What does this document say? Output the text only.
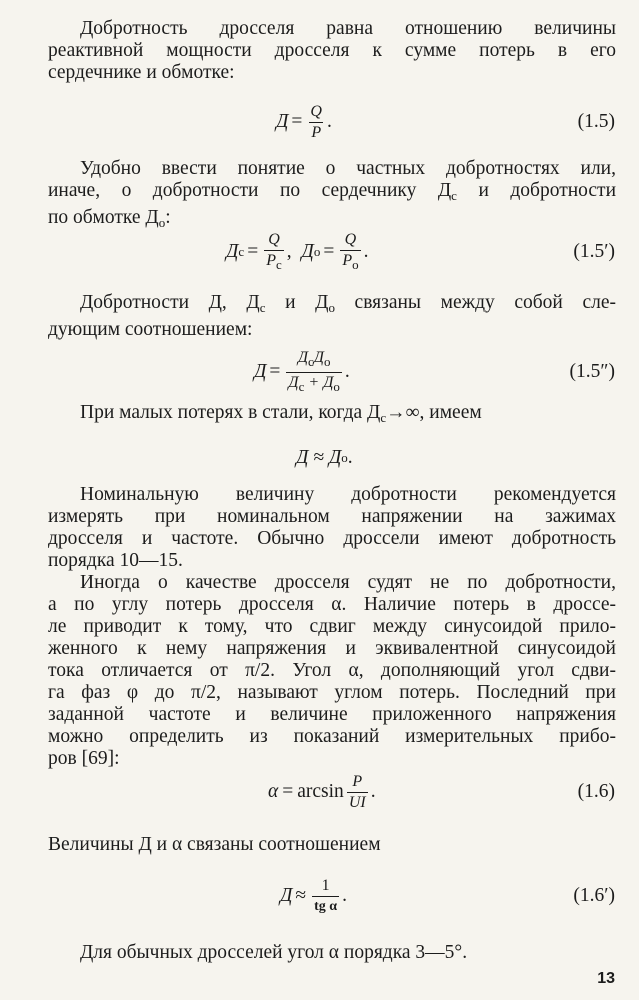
Добротность дросселя равна отношению величины
реактивной мощности дросселя к сумме потерь в его
сердечнике и обмотке:
$Д = \frac{Q}{P}$ .	(1.5)
Удобно ввести понятие о частных добротностях или,
иначе, о добротности по сердечнику $Д_с$ и добротности
по обмотке $Д_о$:
Д $с = \frac{Q}{P_с}$ , Д $о = \frac{Q}{P_о}$ .	(1.5′)
Добротности Д, $Д_с$ и $Д_о$ связаны между собой сле-
дующим соотношением:
$Д = \frac{Д_сД_о}{Д_с + Д_о}$ .	(1.5″)
При малых потерях в стали, когда $Д_с\to\infty$, имеем
Д ≈ Д о .
Номинальную величину добротности рекомендуется
измерять при номинальном напряжении на зажимах
дросселя и частоте. Обычно дроссели имеют добротность
порядка 10—15.
Иногда о качестве дросселя судят не по добротности,
а по углу потерь дросселя α. Наличие потерь в дроссе-
ле приводит к тому, что сдвиг между синусоидой прило-
женного к нему напряжения и эквивалентной синусоидой
тока отличается от π/2. Угол α, дополняющий угол сдви-
га фаз φ до π/2, называют углом потерь. Последний при
заданной частоте и величине приложенного напряжения
можно определить из показаний измерительных прибо-
ров [69]:
$\alpha = \arcsin \frac{P}{UI}$ .	(1.6)
Величины Д и α связаны соотношением
$Д \approx \frac{1}{\text{tg α}}$ .	(1.6′)
Для обычных дросселей угол α порядка 3—5°.
13
